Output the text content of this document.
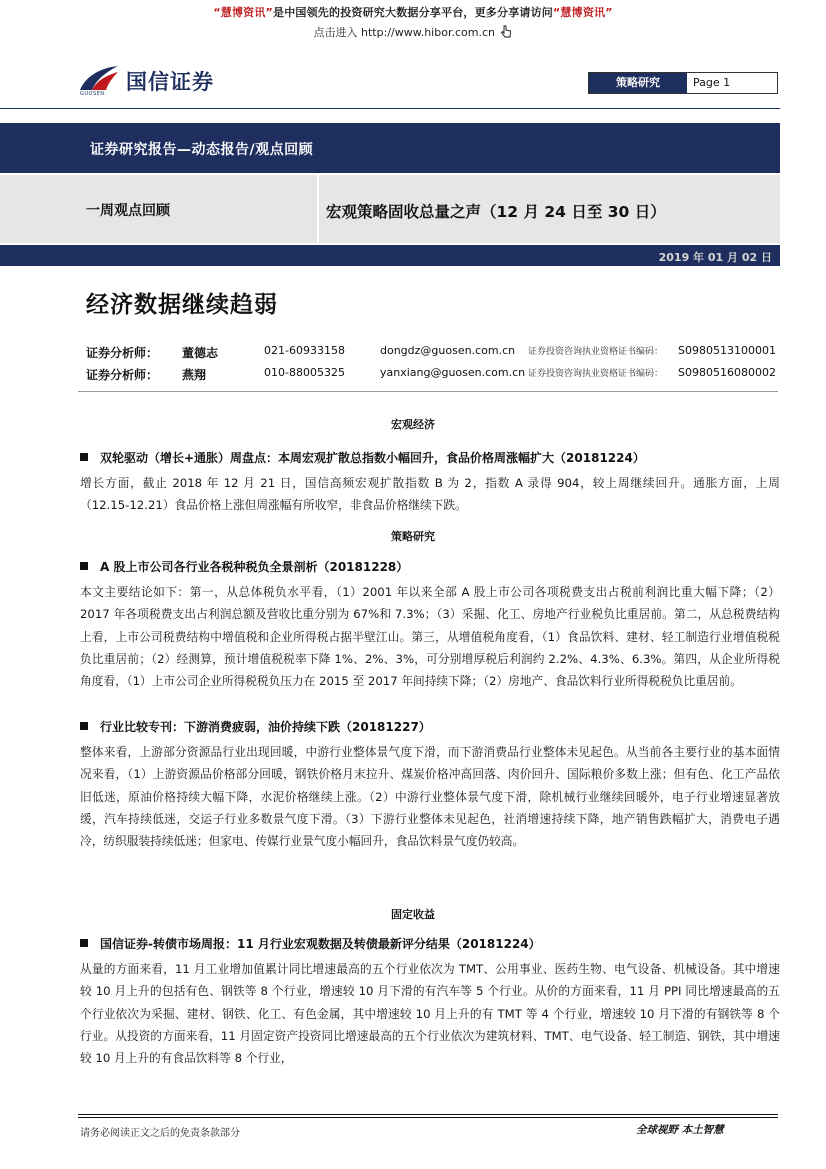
“慧博资讯”是中国领先的投资研究大数据分享平台，更多分享请访问“慧博资讯”
点击进入 http://www.hibor.com.cn
国信证券
GUOSEN
策略研究	Page 1
证券研究报告—动态报告/观点回顾
一周观点回顾	宏观策略固收总量之声（12 月 24 日至 30 日）
2019 年 01 月 02 日
经济数据继续趋弱
证券分析师： 董德志	021-60933158	dongdz@guosen.com.cn 证券投资咨询执业资格证书编码： S0980513100001
证券分析师： 燕翔	010-88005325	yanxiang@guosen.com.cn 证券投资咨询执业资格证书编码： S0980516080002
宏观经济
双轮驱动（增长+通胀）周盘点：本周宏观扩散总指数小幅回升，食品价格周涨幅扩大（20181224）
增长方面，截止 2018 年 12 月 21 日，国信高频宏观扩散指数 B 为 2，指数 A 录得 904，较上周继续回升。通胀方面，上周（12.15-12.21）食品价格上涨但周涨幅有所收窄，非食品价格继续下跌。
策略研究
A 股上市公司各行业各税种税负全景剖析（20181228）
本文主要结论如下：第一，从总体税负水平看，（1）2001 年以来全部 A 股上市公司各项税费支出占税前利润比重大幅下降；（2）2017 年各项税费支出占利润总额及营收比重分别为 67%和 7.3%；（3）采掘、化工、房地产行业税负比重居前。第二，从总税费结构上看，上市公司税费结构中增值税和企业所得税占据半壁江山。第三，从增值税角度看，（1）食品饮料、建材、轻工制造行业增值税税负比重居前；（2）经测算，预计增值税税率下降 1%、2%、3%，可分别增厚税后利润约 2.2%、4.3%、6.3%。第四，从企业所得税角度看，（1）上市公司企业所得税税负压力在 2015 至 2017 年间持续下降；（2）房地产、食品饮料行业所得税税负比重居前。
行业比较专刊：下游消费疲弱，油价持续下跌（20181227）
整体来看，上游部分资源品行业出现回暖，中游行业整体景气度下滑，而下游消费品行业整体未见起色。从当前各主要行业的基本面情况来看，（1）上游资源品价格部分回暖，钢铁价格月末拉升、煤炭价格冲高回落、肉价回升、国际粮价多数上涨；但有色、化工产品依旧低迷，原油价格持续大幅下降，水泥价格继续上涨。（2）中游行业整体景气度下滑，除机械行业继续回暖外，电子行业增速显著放缓，汽车持续低迷，交运子行业多数景气度下滑。（3）下游行业整体未见起色，社消增速持续下降，地产销售跌幅扩大，消费电子遇冷，纺织服装持续低迷；但家电、传媒行业景气度小幅回升，食品饮料景气度仍较高。
固定收益
国信证券-转债市场周报：11 月行业宏观数据及转债最新评分结果（20181224）
从量的方面来看，11 月工业增加值累计同比增速最高的五个行业依次为 TMT、公用事业、医药生物、电气设备、机械设备。其中增速较 10 月上升的包括有色、钢铁等 8 个行业，增速较 10 月下滑的有汽车等 5 个行业。从价的方面来看，11 月 PPI 同比增速最高的五个行业依次为采掘、建材、钢铁、化工、有色金属，其中增速较 10 月上升的有 TMT 等 4 个行业，增速较 10 月下滑的有钢铁等 8 个行业。从投资的方面来看，11 月固定资产投资同比增速最高的五个行业依次为建筑材料、TMT、电气设备、轻工制造、钢铁，其中增速较 10 月上升的有食品饮料等 8 个行业，
请务必阅读正文之后的免责条款部分	全球视野 本土智慧
